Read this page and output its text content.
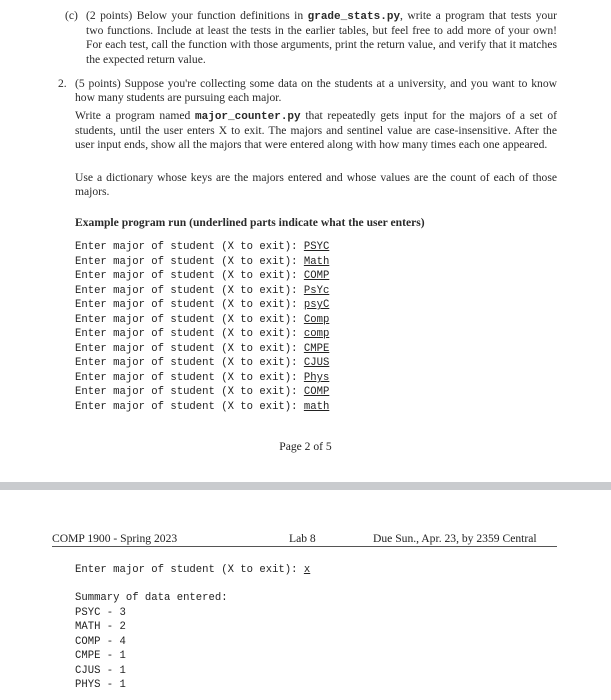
(c) (2 points) Below your function definitions in grade_stats.py, write a program that tests your two functions. Include at least the tests in the earlier tables, but feel free to add more of your own! For each test, call the function with those arguments, print the return value, and verify that it matches the expected return value.
2. (5 points) Suppose you're collecting some data on the students at a university, and you want to know how many students are pursuing each major.
Write a program named major_counter.py that repeatedly gets input for the majors of a set of students, until the user enters X to exit. The majors and sentinel value are case-insensitive. After the user input ends, show all the majors that were entered along with how many times each one appeared.
Use a dictionary whose keys are the majors entered and whose values are the count of each of those majors.
Example program run (underlined parts indicate what the user enters)
Enter major of student (X to exit): PSYC
Enter major of student (X to exit): Math
Enter major of student (X to exit): COMP
Enter major of student (X to exit): PsYc
Enter major of student (X to exit): psyC
Enter major of student (X to exit): Comp
Enter major of student (X to exit): comp
Enter major of student (X to exit): CMPE
Enter major of student (X to exit): CJUS
Enter major of student (X to exit): Phys
Enter major of student (X to exit): COMP
Enter major of student (X to exit): math
Page 2 of 5
COMP 1900 - Spring 2023	Lab 8	Due Sun., Apr. 23, by 2359 Central
Enter major of student (X to exit): x
Summary of data entered:
PSYC - 3
MATH - 2
COMP - 4
CMPE - 1
CJUS - 1
PHYS - 1
